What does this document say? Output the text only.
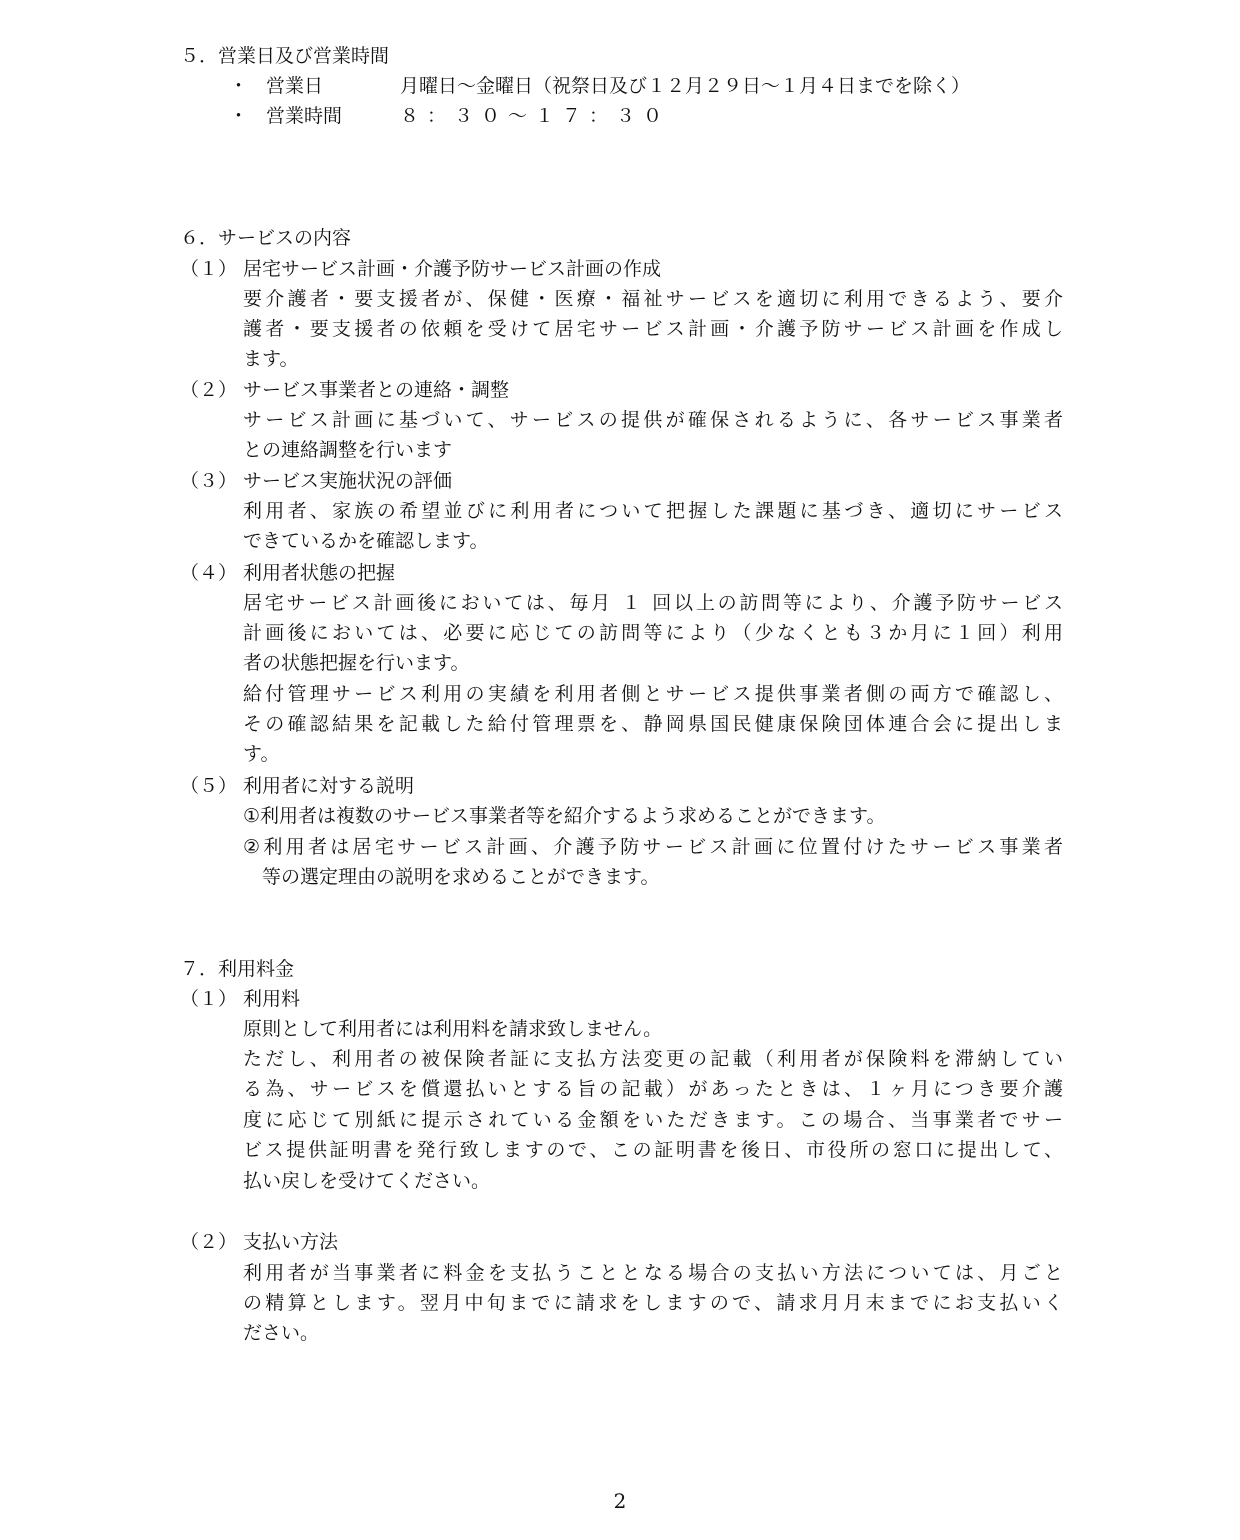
５．営業日及び営業時間
・ 営業日	月曜日～金曜日（祝祭日及び１２月２９日～１月４日までを除く）
・ 営業時間	８：３０～１７：３０
６．サービスの内容
（１） 居宅サービス計画・介護予防サービス計画の作成
要介護者・要支援者が、保健・医療・福祉サービスを適切に利用できるよう、要介
護者・要支援者の依頼を受けて居宅サービス計画・介護予防サービス計画を作成し
ます。
（２） サービス事業者との連絡・調整
サービス計画に基づいて、サービスの提供が確保されるように、各サービス事業者
との連絡調整を行います
（３） サービス実施状況の評価
利用者、家族の希望並びに利用者について把握した課題に基づき、適切にサービス
できているかを確認します。
（４） 利用者状態の把握
居宅サービス計画後においては、毎月 １ 回以上の訪問等により、介護予防サービス
計画後においては、必要に応じての訪問等により（少なくとも３か月に１回）利用
者の状態把握を行います。
給付管理サービス利用の実績を利用者側とサービス提供事業者側の両方で確認し、
その確認結果を記載した給付管理票を、静岡県国民健康保険団体連合会に提出しま
す。
（５） 利用者に対する説明
①利用者は複数のサービス事業者等を紹介するよう求めることができます。
②利用者は居宅サービス計画、介護予防サービス計画に位置付けたサービス事業者
　等の選定理由の説明を求めることができます。
７．利用料金
（１） 利用料
原則として利用者には利用料を請求致しません。
ただし、利用者の被保険者証に支払方法変更の記載（利用者が保険料を滞納してい
る為、サービスを償還払いとする旨の記載）があったときは、１ヶ月につき要介護
度に応じて別紙に提示されている金額をいただきます。この場合、当事業者でサー
ビス提供証明書を発行致しますので、この証明書を後日、市役所の窓口に提出して、
払い戻しを受けてください。
（２） 支払い方法
利用者が当事業者に料金を支払うこととなる場合の支払い方法については、月ごと
の精算とします。翌月中旬までに請求をしますので、請求月月末までにお支払いく
ださい。
2
